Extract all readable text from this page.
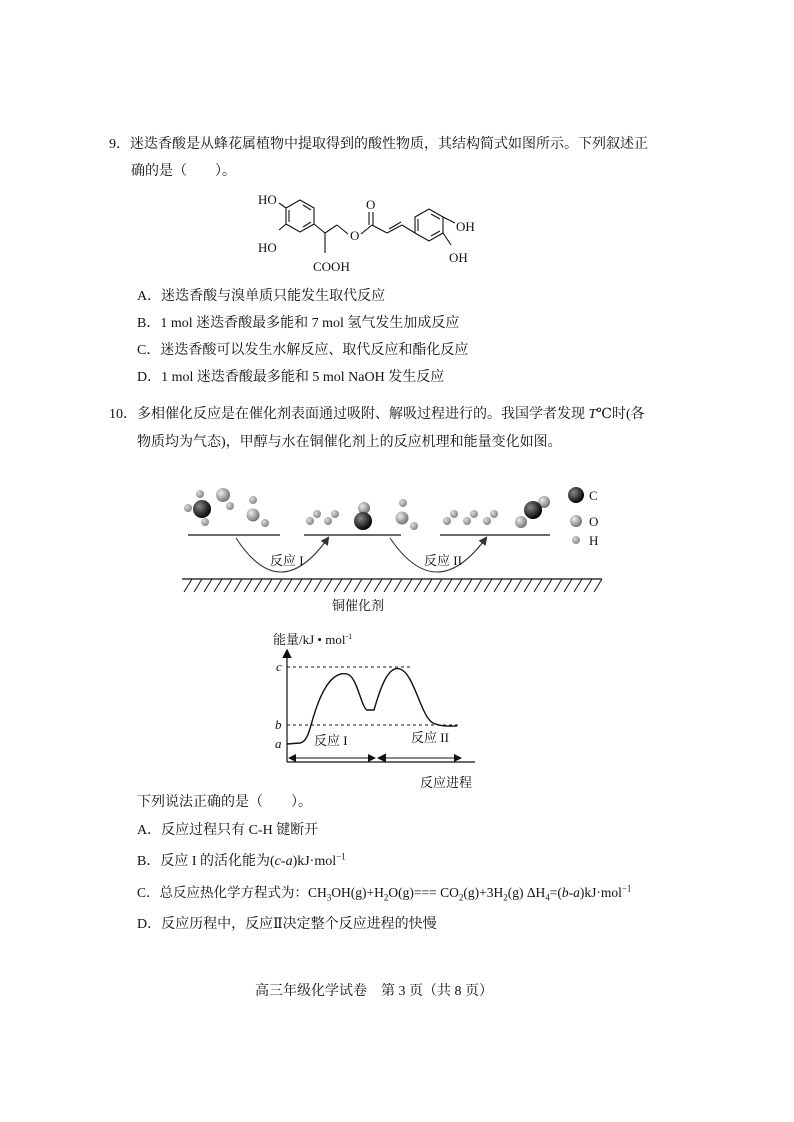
9．迷迭香酸是从蜂花属植物中提取得到的酸性物质，其结构简式如图所示。下列叙述正
确的是（　　）。
HO
HO
COOH
O
O
OH
OH
A．迷迭香酸与溴单质只能发生取代反应
B．1 mol 迷迭香酸最多能和 7 mol 氢气发生加成反应
C．迷迭香酸可以发生水解反应、取代反应和酯化反应
D．1 mol 迷迭香酸最多能和 5 mol NaOH 发生反应
10．多相催化反应是在催化剂表面通过吸附、解吸过程进行的。我国学者发现 T℃时(各
物质均为气态)，甲醇与水在铜催化剂上的反应机理和能量变化如图。
反应 I	反应 II
铜催化剂
C
O
H
能量/kJ • mol$^{-1}$
c
b
a	反应 I	反应 II
反应进程
下列说法正确的是（　　）。
A．反应过程只有 C-H 键断开
B．反应 I 的活化能为(c-a)kJ·mol$^{-1}$
C．总反应热化学方程式为：$CH_3OH(g)+H_2O(g)=== CO_2(g)+3H_2(g)$ $\Delta H_4=(b-a)kJ\cdot mol^{-1}$
D．反应历程中，反应Ⅱ决定整个反应进程的快慢
高三年级化学试卷　第 3 页（共 8 页）
